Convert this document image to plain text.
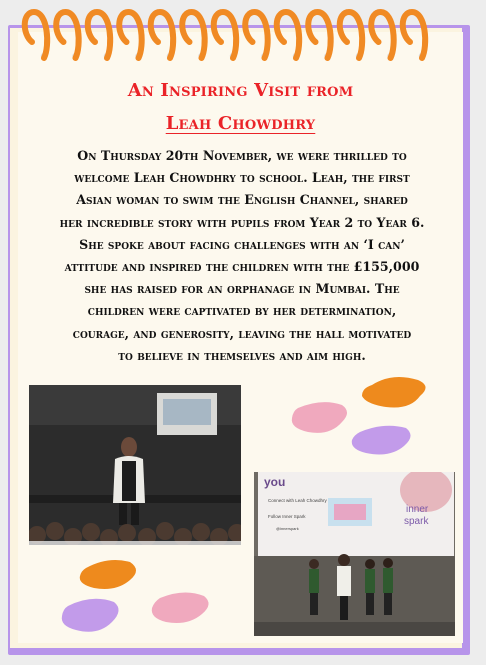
An Inspiring Visit from
Leah Chowdhry
On Thursday 20th November, we were thrilled to
welcome Leah Chowdhry to school. Leah, the first
Asian woman to swim the English Channel, shared
her incredible story with pupils from Year 2 to Year 6.
She spoke about facing challenges with an ‘I can’
attitude and inspired the children with the £155,000
she has raised for an orphanage in Mumbai. The
children were captivated by her determination,
courage, and generosity, leaving the hall motivated
to believe in themselves and aim high.
you
Connect with Leah Chowdhry
Follow Inner Spark
@innerspark
inner
spark
